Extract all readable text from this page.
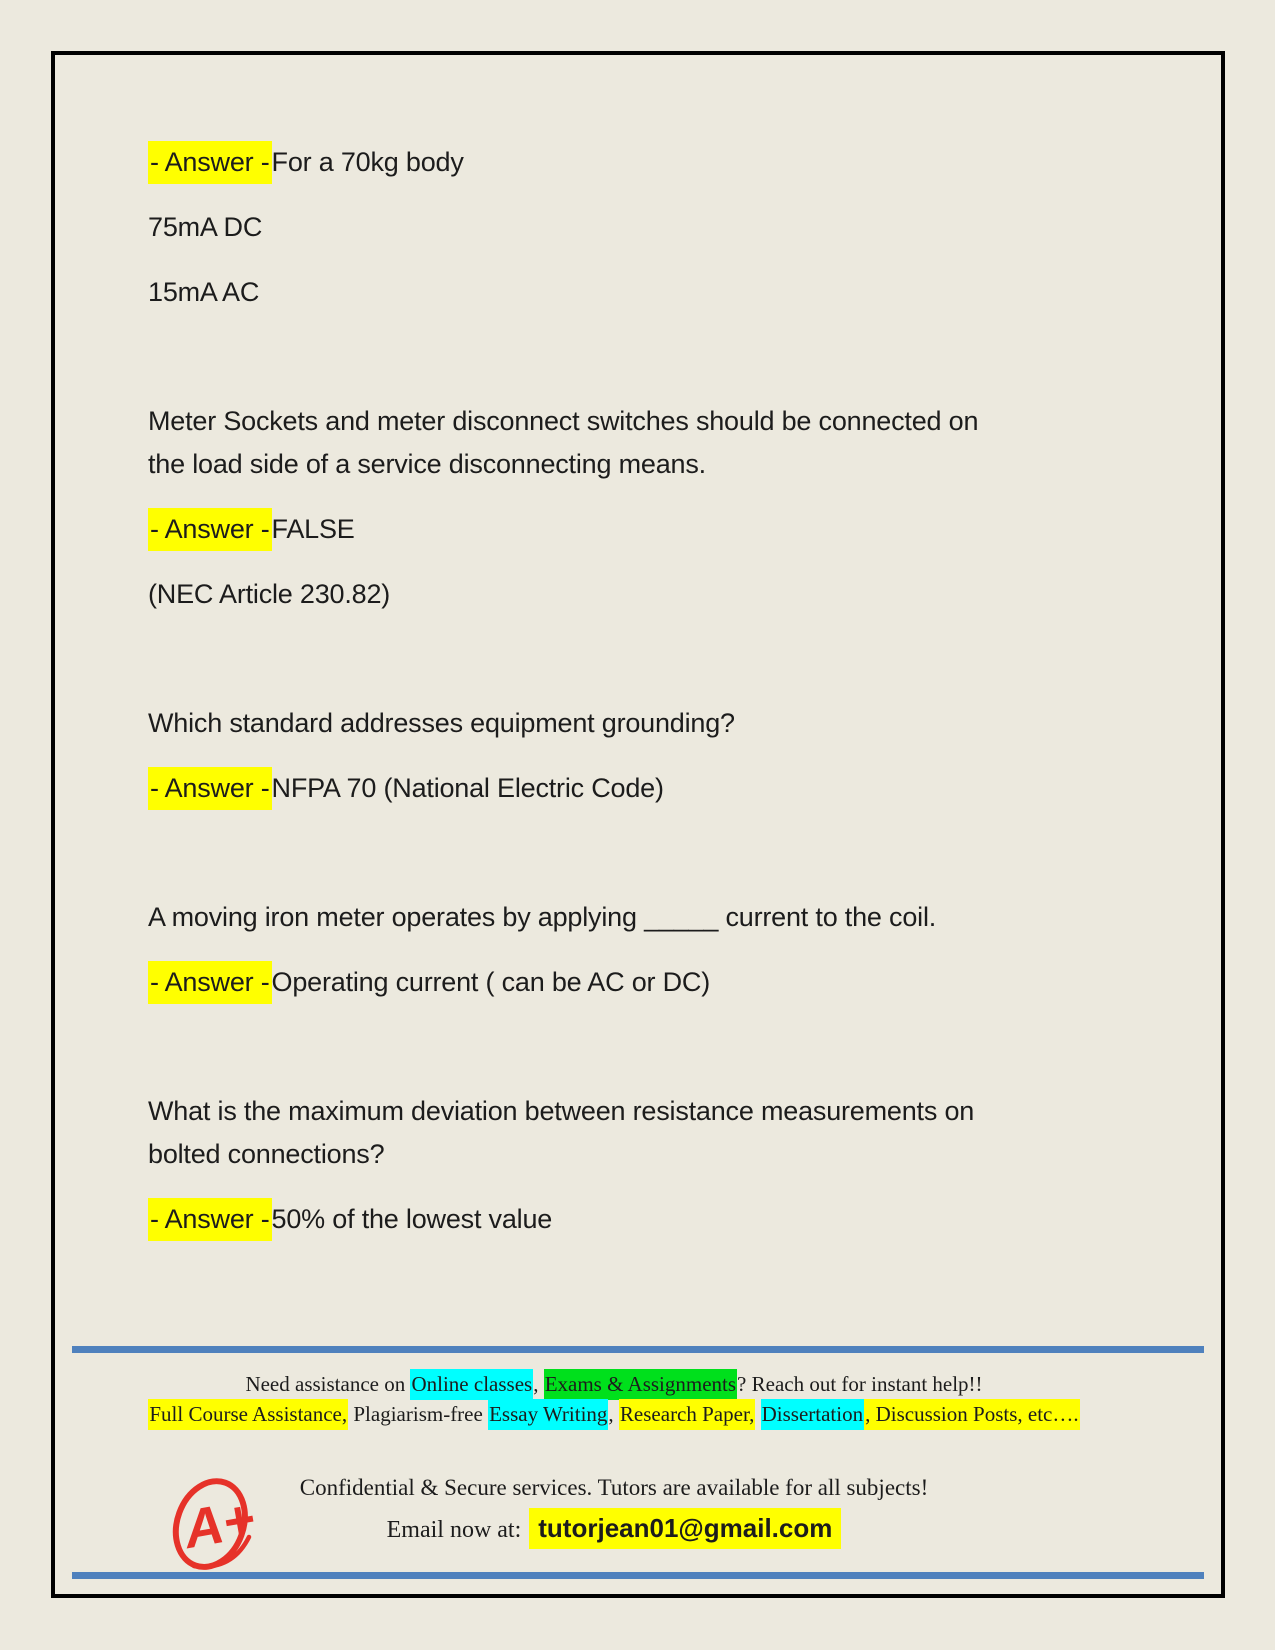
- Answer -For a 70kg body
75mA DC
15mA AC
Meter Sockets and meter disconnect switches should be connected on
the load side of a service disconnecting means.
- Answer -FALSE
(NEC Article 230.82)
Which standard addresses equipment grounding?
- Answer -NFPA 70 (National Electric Code)
A moving iron meter operates by applying _____ current to the coil.
- Answer -Operating current ( can be AC or DC)
What is the maximum deviation between resistance measurements on
bolted connections?
- Answer -50% of the lowest value
Need assistance on Online classes, Exams & Assignments? Reach out for instant help!!
Full Course Assistance, Plagiarism-free Essay Writing, Research Paper, Dissertation, Discussion Posts, etc….
A+
Confidential & Secure services. Tutors are available for all subjects!
Email now at: tutorjean01@gmail.com
